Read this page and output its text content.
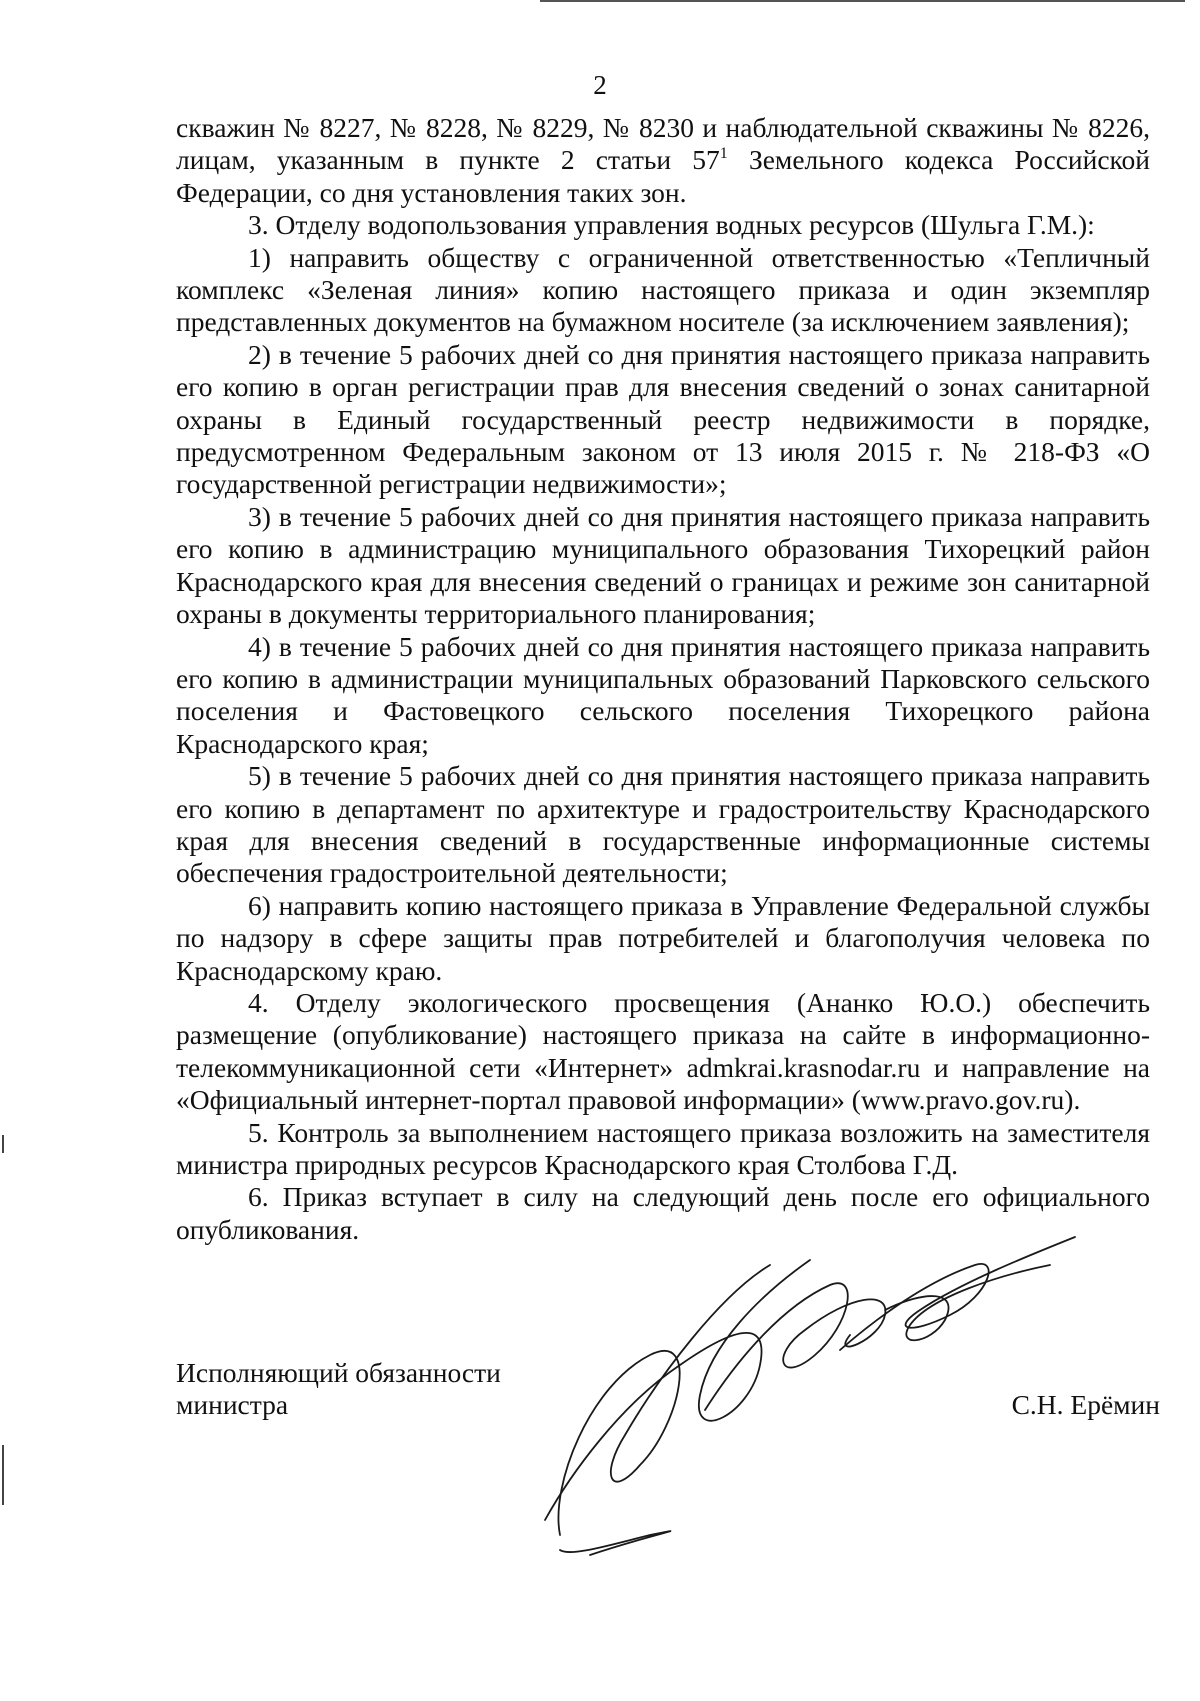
2

скважин № 8227, № 8228, № 8229, № 8230 и наблюдательной скважины № 8226, лицам, указанным в пункте 2 статьи $57^1$ Земельного кодекса Российской Федерации, со дня установления таких зон.

3. Отделу водопользования управления водных ресурсов (Шульга Г.М.):

1) направить обществу с ограниченной ответственностью «Тепличный комплекс «Зеленая линия» копию настоящего приказа и один экземпляр представленных документов на бумажном носителе (за исключением заявления);

2) в течение 5 рабочих дней со дня принятия настоящего приказа направить его копию в орган регистрации прав для внесения сведений о зонах санитарной охраны в Единый государственный реестр недвижимости в порядке, предусмотренном Федеральным законом от 13 июля 2015 г. № 218-ФЗ «О государственной регистрации недвижимости»;

3) в течение 5 рабочих дней со дня принятия настоящего приказа направить его копию в администрацию муниципального образования Тихорецкий район Краснодарского края для внесения сведений о границах и режиме зон санитарной охраны в документы территориального планирования;

4) в течение 5 рабочих дней со дня принятия настоящего приказа направить его копию в администрации муниципальных образований Парковского сельского поселения и Фастовецкого сельского поселения Тихорецкого района Краснодарского края;

5) в течение 5 рабочих дней со дня принятия настоящего приказа направить его копию в департамент по архитектуре и градостроительству Краснодарского края для внесения сведений в государственные информационные системы обеспечения градостроительной деятельности;

6) направить копию настоящего приказа в Управление Федеральной службы по надзору в сфере защиты прав потребителей и благополучия человека по Краснодарскому краю.

4. Отделу экологического просвещения (Ананко Ю.О.) обеспечить размещение (опубликование) настоящего приказа на сайте в информационно-телекоммуникационной сети «Интернет» admkrai.krasnodar.ru и направление на «Официальный интернет-портал правовой информации» (www.pravo.gov.ru).

5. Контроль за выполнением настоящего приказа возложить на заместителя министра природных ресурсов Краснодарского края Столбова Г.Д.

6. Приказ вступает в силу на следующий день после его официального опубликования.

Исполняющий обязанности
министра	С.Н. Ерёмин
